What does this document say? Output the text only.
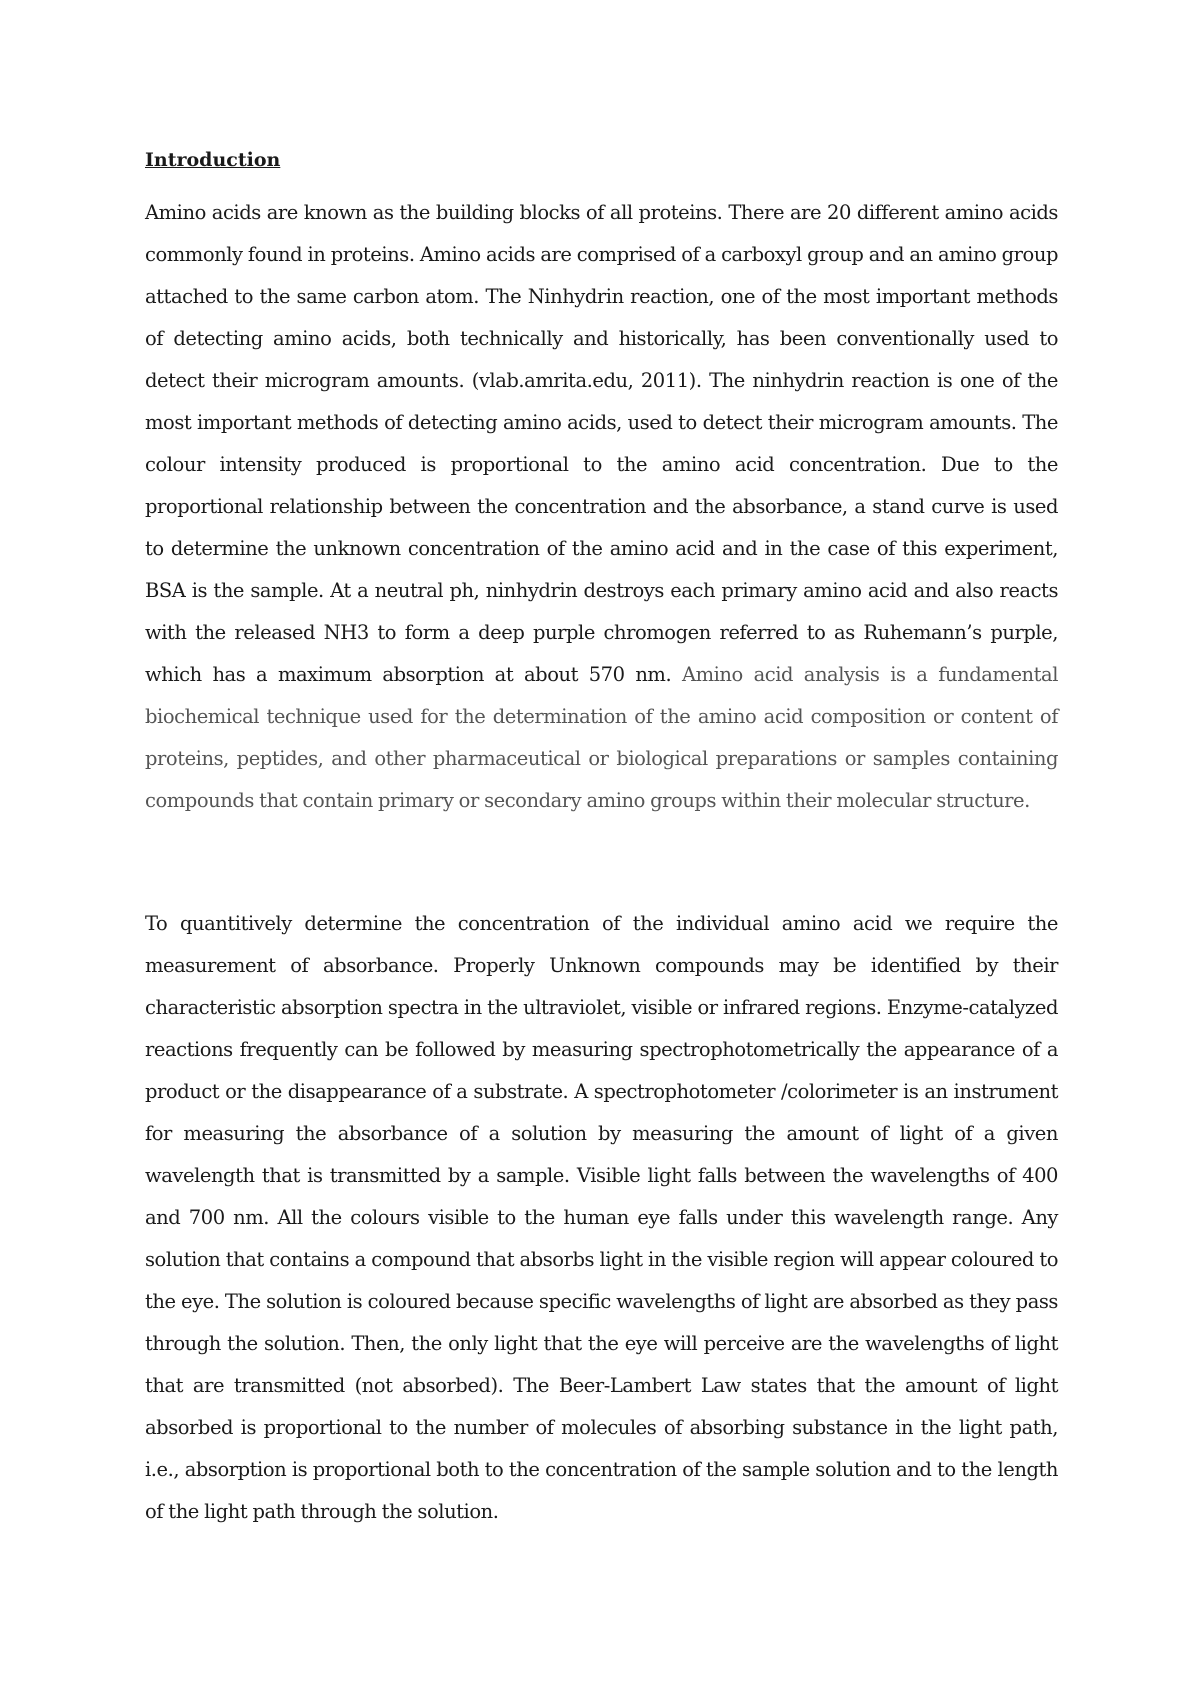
Introduction

Amino acids are known as the building blocks of all proteins. There are 20 different amino acids commonly found in proteins. Amino acids are comprised of a carboxyl group and an amino group attached to the same carbon atom. The Ninhydrin reaction, one of the most important methods of detecting amino acids, both technically and historically, has been conventionally used to detect their microgram amounts. (vlab.amrita.edu, 2011). The ninhydrin reaction is one of the most important methods of detecting amino acids, used to detect their microgram amounts. The colour intensity produced is proportional to the amino acid concentration. Due to the proportional relationship between the concentration and the absorbance, a stand curve is used to determine the unknown concentration of the amino acid and in the case of this experiment, BSA is the sample. At a neutral ph, ninhydrin destroys each primary amino acid and also reacts with the released NH3 to form a deep purple chromogen referred to as Ruhemann’s purple, which has a maximum absorption at about 570 nm. Amino acid analysis is a fundamental biochemical technique used for the determination of the amino acid composition or content of proteins, peptides, and other pharmaceutical or biological preparations or samples containing compounds that contain primary or secondary amino groups within their molecular structure.

To quantitively determine the concentration of the individual amino acid we require the measurement of absorbance. Properly Unknown compounds may be identified by their characteristic absorption spectra in the ultraviolet, visible or infrared regions. Enzyme-catalyzed reactions frequently can be followed by measuring spectrophotometrically the appearance of a product or the disappearance of a substrate. A spectrophotometer /colorimeter is an instrument for measuring the absorbance of a solution by measuring the amount of light of a given wavelength that is transmitted by a sample. Visible light falls between the wavelengths of 400 and 700 nm. All the colours visible to the human eye falls under this wavelength range. Any solution that contains a compound that absorbs light in the visible region will appear coloured to the eye. The solution is coloured because specific wavelengths of light are absorbed as they pass through the solution. Then, the only light that the eye will perceive are the wavelengths of light that are transmitted (not absorbed). The Beer-Lambert Law states that the amount of light absorbed is proportional to the number of molecules of absorbing substance in the light path, i.e., absorption is proportional both to the concentration of the sample solution and to the length of the light path through the solution.
